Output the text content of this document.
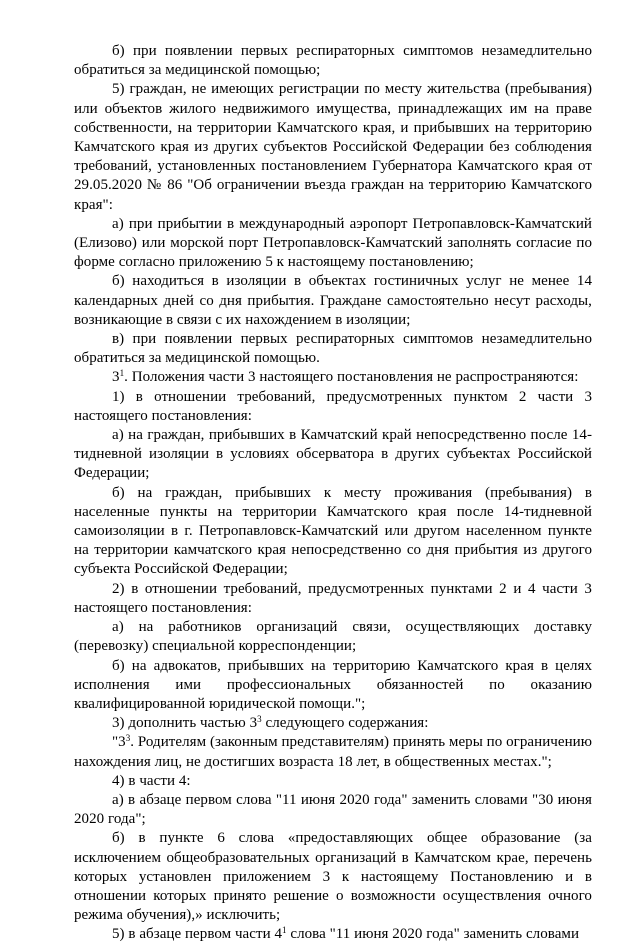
б) при появлении первых респираторных симптомов незамедлительно обратиться за медицинской помощью;

5) граждан, не имеющих регистрации по месту жительства (пребывания) или объектов жилого недвижимого имущества, принадлежащих им на праве собственности, на территории Камчатского края, и прибывших на территорию Камчатского края из других субъектов Российской Федерации без соблюдения требований, установленных постановлением Губернатора Камчатского края от 29.05.2020 № 86 "Об ограничении въезда граждан на территорию Камчатского края":

а) при прибытии в международный аэропорт Петропавловск-Камчатский (Елизово) или морской порт Петропавловск-Камчатский заполнять согласие по форме согласно приложению 5 к настоящему постановлению;

б) находиться в изоляции в объектах гостиничных услуг не менее 14 календарных дней со дня прибытия. Граждане самостоятельно несут расходы, возникающие в связи с их нахождением в изоляции;

в) при появлении первых респираторных симптомов незамедлительно обратиться за медицинской помощью.

$3^1$. Положения части 3 настоящего постановления не распространяются:

1) в отношении требований, предусмотренных пунктом 2 части 3 настоящего постановления:

а) на граждан, прибывших в Камчатский край непосредственно после 14-тидневной изоляции в условиях обсерватора в других субъектах Российской Федерации;

б) на граждан, прибывших к месту проживания (пребывания) в населенные пункты на территории Камчатского края после 14-тидневной самоизоляции в г. Петропавловск-Камчатский или другом населенном пункте на территории камчатского края непосредственно со дня прибытия из другого субъекта Российской Федерации;

2) в отношении требований, предусмотренных пунктами 2 и 4 части 3 настоящего постановления:

а) на работников организаций связи, осуществляющих доставку (перевозку) специальной корреспонденции;

б) на адвокатов, прибывших на территорию Камчатского края в целях исполнения ими профессиональных обязанностей по оказанию квалифицированной юридической помощи.";

3) дополнить частью $3^3$ следующего содержания:

"$3^3$. Родителям (законным представителям) принять меры по ограничению нахождения лиц, не достигших возраста 18 лет, в общественных местах.";

4) в части 4:

а) в абзаце первом слова "11 июня 2020 года" заменить словами "30 июня 2020 года";

б) в пункте 6 слова «предоставляющих общее образование (за исключением общеобразовательных организаций в Камчатском крае, перечень которых установлен приложением 3 к настоящему Постановлению и в отношении которых принято решение о возможности осуществления очного режима обучения),» исключить;

5) в абзаце первом части $4^1$ слова "11 июня 2020 года" заменить словами
